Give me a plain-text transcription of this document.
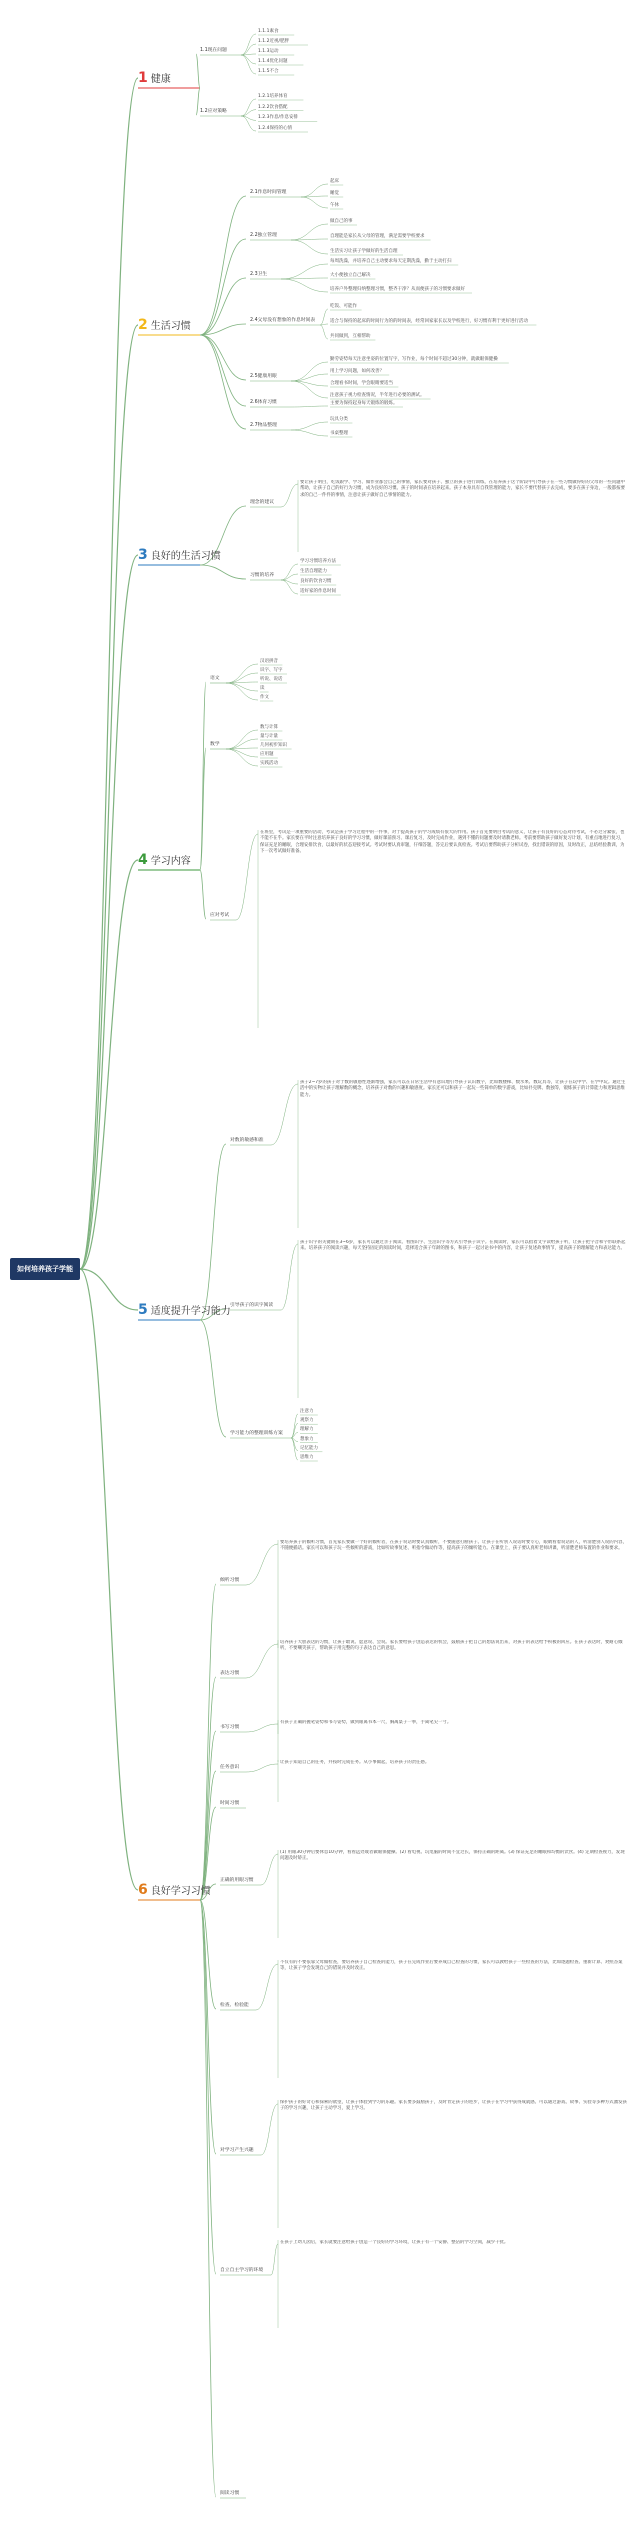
如何培养孩子学能
1 健康
1.1现在问题
1.1.1素食
1.1.2近视/肥胖
1.1.3运动
1.1.4优化问题
1.1.5不合
1.2应对策略
1.2.1培养体育
1.2.2饮食搭配
1.2.3作息/作息安排
1.2.4保持的心情
2 生活习惯
2.1作息时间管理
起床
睡觉
午休
2.2独立管理
做自己的事
自理能是家长从父母的管理，满足需要学校要求
生活实习让孩子学做好的生活自理
2.3卫生
每周洗澡，并培养自己主动要求每天定期洗澡，勤于主动打扫
大小便独立自己解决
培养户外整理归纳整理习惯，整齐干净？从而便孩子的习惯要求做好
2.4父母没有想象的作息时间表
吃饭、可能作
适合与保持的起床的时间行为的的时间表，经常回家家长以及学校进行，好习惯有利于更好进行活动
共同做到，互相帮助
2.5健康用眼
勤劳姿势每天注意坐姿的位置写字，写作业，每个时间不超过30分钟，就做眼保健操
用上学习问题，如何改善？
合理看书时间，学会眼睛要适当
注意孩子视力检查情况，半年进行必要的测试。
2.6体育习惯	主要为保持起身每天锻炼的锻炼。
2.7物品整理
玩具分类
书桌整理
3 良好的生活习惯
理念的建议
要让孩子明白，吃饭跟学、学习、做作业都会自己的事情，家长要对孩子、独立的孩子进行训练，在培养孩子这个阶段中引导孩子在一些习惯做得好的父母的一些问题中帮助，让孩子自己的好行为习惯，成为良好的习惯。孩子的时间表在培养起来。孩子本身具有自我管理的能力，家长不要代替孩子去完成，要多在孩子身边，一般都按要求的自己一件件的事情，注意让孩子做好自己事情的能力。
习惯的培养
学习习惯培养方法
生活自理能力
良好的饮食习惯
适好家的作息时间
4 学习内容
语文
汉语拼音
识字、写字
听说、说话
读
作文
数学
数与计算
量与计量
几何初步知识
应用题
实践活动
应对考试
在班里，考试是一项重要的活动，考试是孩子学习过程中的一件事，对于提高孩子的学习成绩有很大的作用。孩子首先要明白考试的意义，让孩子有良好的心态对待考试，不必过分紧张，也不能不在乎。家长要在平时注意培养孩子良好的学习习惯，做好课前预习、课后复习，及时完成作业，遇到不懂的问题要及时请教老师。考前要帮助孩子做好复习计划，有重点地进行复习，保证充足的睡眠，合理安排饮食，以最好的状态迎接考试。考试时要认真审题，仔细答题，答完后要认真检查。考试后要帮助孩子分析试卷，找出错误的原因，及时改正，总结经验教训，为下一次考试做好准备。
5 适度提升学习能力
对数的敏感和准
孩子2~7岁的孩子对于数的敏感性逐渐增强，家长可以在日常生活中有意识地引导孩子认识数字，比如数楼梯、数水果、数玩具等，让孩子在玩中学、在学中玩。通过生活中的实物让孩子理解数的概念，培养孩子对数的兴趣和敏感度。家长还可以和孩子一起玩一些简单的数字游戏，比如扑克牌、数独等，锻炼孩子的计算能力和逻辑思维能力。
引导孩子的识字阅读
孩子识字的关键期在3~6岁，家长可以通过亲子阅读、看图识字、生活识字等方式引导孩子识字。在阅读时，家长可以指着文字读给孩子听，让孩子把字音和字形联系起来。培养孩子的阅读兴趣，每天坚持固定的阅读时间，选择适合孩子年龄的图书，和孩子一起讨论书中的内容，让孩子复述故事情节，提高孩子的理解能力和表达能力。
学习能力的整理训练方案
注意力
观察力
理解力
想象力
记忆能力
思维力
6 良好学习习惯
倾听习惯
要培养孩子的倾听习惯，首先家长要做一个好的倾听者，在孩子说话时要认真倾听，不要随意打断孩子。让孩子在听别人说话时要专心，眼睛看着说话的人，听清楚别人说的内容，不随便插话。家长可以和孩子玩一些倾听的游戏，比如听故事复述、听指令做动作等，提高孩子的倾听能力。在课堂上，孩子要认真听老师讲课，听清楚老师布置的作业和要求。
表达习惯
培养孩子大胆表达的习惯，让孩子敢说、愿意说、会说。家长要给孩子创造表达的机会，鼓励孩子把自己的想法说出来，对孩子的表达给予积极的回应。在孩子表达时，要耐心倾听，不要嘲笑孩子，帮助孩子用完整的句子表达自己的意思。
书写习惯
有孩子正确的握笔姿势和书写姿势，做到眼离书本一尺，胸离桌子一拳，手离笔尖一寸。
任务意识
让孩子知道自己的任务，并按时完成任务。从小事做起，培养孩子的责任感。
时间习惯
正确的用眼习惯
(1) 用眼30分钟后要休息10分钟，看看远处或者做眼保健操。(2) 看电视、玩电脑的时间不宜过长，保持正确的距离。(3) 保证充足的睡眠和均衡的饮食。(4) 定期检查视力，发现问题及时矫正。
检查、检验能
不仅有的不要依靠父母做检查，要培养孩子自己检查的能力，孩子在完成作业后要养成自己检查的习惯，家长可以教给孩子一些检查的方法，比如逐题检查、重新计算、对照答案等，让孩子学会发现自己的错误并及时改正。
对学习产生兴趣
保护孩子的好奇心和探索的欲望，让孩子体验到学习的乐趣。家长要多鼓励孩子，及时肯定孩子的进步，让孩子在学习中获得成就感。可以通过游戏、故事、实验等多种方式激发孩子的学习兴趣，让孩子主动学习，爱上学习。
自立自主学习的环境
在孩子上幼儿园后，家长就要注意给孩子创造一个良好的学习环境，让孩子有一个安静、整洁的学习空间，减少干扰。
阅读习惯
